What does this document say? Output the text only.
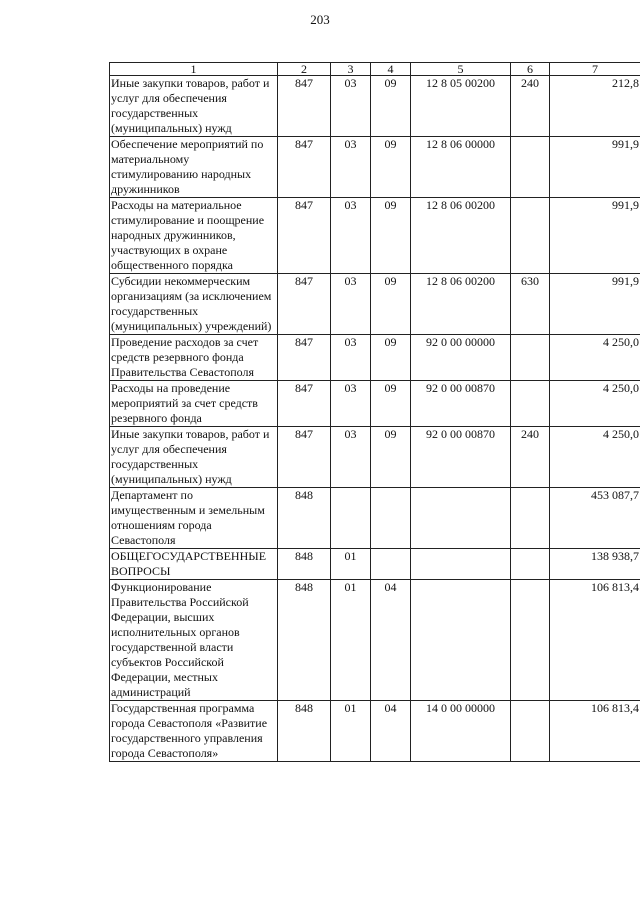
203
1	2	3	4	5	6	7
Иные закупки товаров, работ и услуг для обеспечения государственных (муниципальных) нужд	847	03	09	12 8 05 00200	240	212,8
Обеспечение мероприятий по материальному стимулированию народных дружинников	847	03	09	12 8 06 00000		991,9
Расходы на материальное стимулирование и поощрение народных дружинников, участвующих в охране общественного порядка	847	03	09	12 8 06 00200		991,9
Субсидии некоммерческим организациям (за исключением государственных (муниципальных) учреждений)	847	03	09	12 8 06 00200	630	991,9
Проведение расходов за счет средств резервного фонда Правительства Севастополя	847	03	09	92 0 00 00000		4 250,0
Расходы на проведение мероприятий за счет средств резервного фонда	847	03	09	92 0 00 00870		4 250,0
Иные закупки товаров, работ и услуг для обеспечения государственных (муниципальных) нужд	847	03	09	92 0 00 00870	240	4 250,0
Департамент по имущественным и земельным отношениям города Севастополя	848					453 087,7
ОБЩЕГОСУДАРСТВЕННЫЕ ВОПРОСЫ	848	01				138 938,7
Функционирование Правительства Российской Федерации, высших исполнительных органов государственной власти субъектов Российской Федерации, местных администраций	848	01	04			106 813,4
Государственная программа города Севастополя «Развитие государственного управления города Севастополя»	848	01	04	14 0 00 00000		106 813,4
